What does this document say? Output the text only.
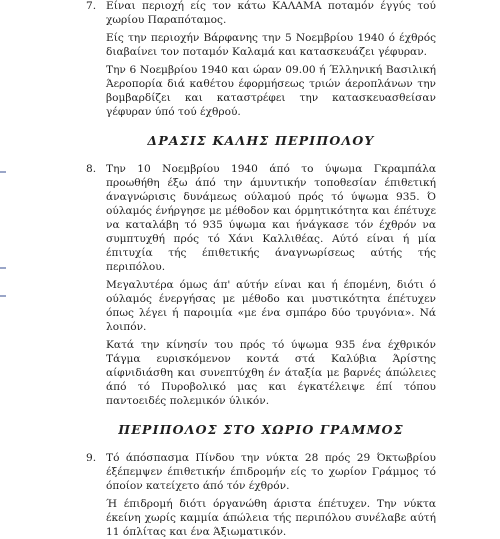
7. Είναι περιοχή είς τον κάτω ΚΑΛΑΜΑ ποταμόν έγγύς τού χωρίου Παραπόταμος.

Είς την περιοχήν Βάρφανης την 5 Νοεμβρίου 1940 ό έχθρός διαβαίνει τον ποταμόν Καλαμά και κατασκευάζει γέφυραν.

Την 6 Νοεμβρίου 1940 και ώραν 09.00 ή Έλληνική Βασιλική Άεροπορία διά καθέτου έφορμήσεως τριών άεροπλάνων την βομβαρδίζει και καταστρέφει την κατασκευασθείσαν γέφυραν ύπό τού έχθρού.

ΔΡΑΣΙΣ ΚΑΛΗΣ ΠΕΡΙΠΟΛΟΥ
8. Την 10 Νοεμβρίου 1940 άπό το ύψωμα Γκραμπάλα προωθήθη έξω άπό την άμυντικήν τοποθεσίαν έπιθετική άναγνώρισις δυνάμεως ούλαμού πρός τό ύψωμα 935. Ό ούλαμός ένήργησε με μέθοδον και όρμητικότητα και έπέτυχε να καταλάβη τό 935 ύψωμα και ήνάγκασε τόν έχθρόν να συμπτυχθή πρός τό Χάνι Καλλιθέας. Αύτό είναι ή μία έπιτυχία τής έπιθετικής άναγνωρίσεως αύτής τής περιπόλου.

Μεγαλυτέρα όμως άπ' αύτήν είναι και ή έπομένη, διότι ό ούλαμός ένεργήσας με μέθοδο και μυστικότητα έπέτυχεν όπως λέγει ή παροιμία «με ένα σμπάρο δύο τρυγόνια». Νά λοιπόν.

Κατά την κίνησίν του πρός τό ύψωμα 935 ένα έχθρικόν Τάγμα ευρισκόμενον κοντά στά Καλύβια Άρίστης αίφνιδιάσθη και συνεπτύχθη έν άταξία με βαρνές άπώλειες άπό τό Πυροβολικό μας και έγκατέλειψε έπί τόπου παντοειδές πολεμικόν ύλικόν.

ΠΕΡΙΠΟΛΟΣ ΣΤΟ ΧΩΡΙΟ ΓΡΑΜΜΟΣ
9. Τό άπόσπασμα Πίνδου την νύκτα 28 πρός 29 Όκτωβρίου έξέπεμψεν έπιθετικήν έπιδρομήν είς το χωρίον Γράμμος τό όποίον κατείχετο άπό τόν έχθρόν.

Ή έπιδρομή διότι όργανώθη άριστα έπέτυχεν. Την νύκτα έκείνη χωρίς καμμία άπώλεια τής περιπόλου συνέλαβε αύτή 11 όπλίτας και ένα Άξιωματικόν.
